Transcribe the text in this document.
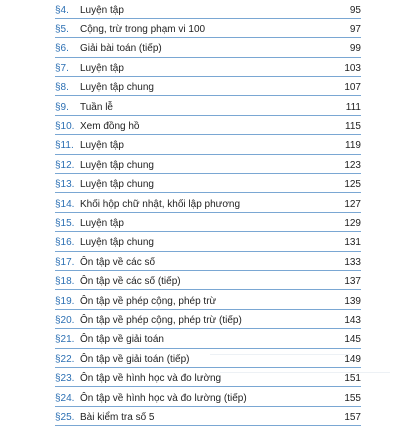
§4.	Luyện tập	95
§5.	Cộng, trừ trong phạm vi 100	97
§6.	Giải bài toán (tiếp)	99
§7.	Luyện tập	103
§8.	Luyện tập chung	107
§9.	Tuần lễ	111
§10. Xem đồng hồ	115
§11. Luyện tập	119
§12. Luyện tập chung	123
§13. Luyện tập chung	125
§14. Khối hộp chữ nhật, khối lập phương	127
§15. Luyện tập	129
§16. Luyện tập chung	131
§17. Ôn tập về các số	133
§18. Ôn tập về các số (tiếp)	137
§19. Ôn tập về phép cộng, phép trừ	139
§20. Ôn tập về phép cộng, phép trừ (tiếp)	143
§21. Ôn tập về giải toán	145
§22. Ôn tập về giải toán (tiếp)	149
§23. Ôn tập về hình học và đo lường	151
§24. Ôn tập về hình học và đo lường (tiếp)	155
§25. Bài kiểm tra số 5	157
